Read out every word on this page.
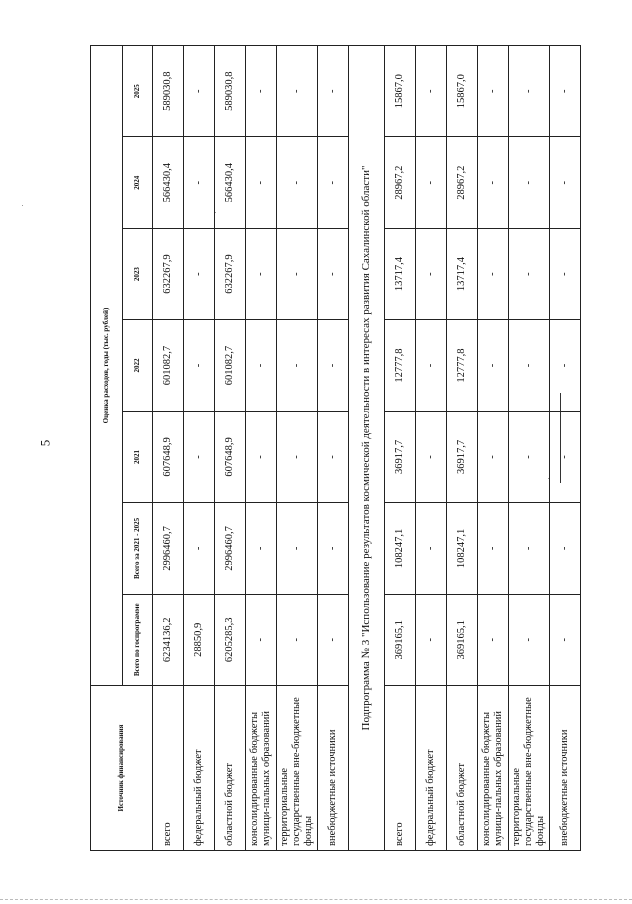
5
Источник финансирования	Оценка расходов, годы (тыс. рублей)						
	Всего по госпрограмме	Всего за 2021 - 2025	2021	2022	2023	2024	2025
всего	6234136,2	2996460,7	607648,9	601082,7	632267,9	566430,4	589030,8
федеральный бюджет	28850,9	-	-	-	-	-	-
областной бюджет	6205285,3	2996460,7	607648,9	601082,7	632267,9	566430,4	589030,8
консолидированные бюджеты муници-пальных образований	-	-	-	-	-	-	-
территориальные государственные вне-бюджетные фонды	-	-	-	-	-	-	-
внебюджетные источники	-	-	-	-	-	-	-
Подпрограмма № 3 "Использование результатов космической деятельности в интересах развития Сахалинской области"							
всего	369165,1	108247,1	36917,7	12777,8	13717,4	28967,2	15867,0
федеральный бюджет	-	-	-	-	-	-	-
областной бюджет	369165,1	108247,1	36917,7	12777,8	13717,4	28967,2	15867,0
консолидированные бюджеты муници-пальных образований	-	-	-	-	-	-	-
территориальные государственные вне-бюджетные фонды	-	-	-	-	-	-	-
внебюджетные источники	-	-	-	-	-	-	-
